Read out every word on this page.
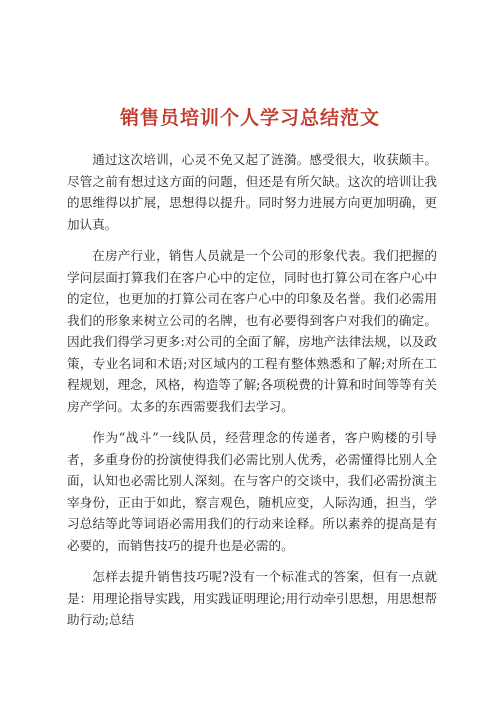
销售员培训个人学习总结范文

通过这次培训，心灵不免又起了涟漪。感受很大，收获颇丰。尽管之前有想过这方面的问题，但还是有所欠缺。这次的培训让我的思维得以扩展，思想得以提升。同时努力进展方向更加明确，更加认真。

在房产行业，销售人员就是一个公司的形象代表。我们把握的学问层面打算我们在客户心中的定位，同时也打算公司在客户心中的定位，也更加的打算公司在客户心中的印象及名誉。我们必需用我们的形象来树立公司的名牌，也有必要得到客户对我们的确定。因此我们得学习更多:对公司的全面了解，房地产法律法规，以及政策，专业名词和术语;对区域内的工程有整体熟悉和了解;对所在工程规划，理念，风格，构造等了解;各项税费的计算和时间等等有关房产学问。太多的东西需要我们去学习。

作为“战斗”一线队员，经营理念的传递者，客户购楼的引导者，多重身份的扮演使得我们必需比别人优秀，必需懂得比别人全面，认知也必需比别人深刻。在与客户的交谈中，我们必需扮演主宰身份，正由于如此，察言观色，随机应变，人际沟通，担当，学习总结等此等词语必需用我们的行动来诠释。所以素养的提高是有必要的，而销售技巧的提升也是必需的。

怎样去提升销售技巧呢?没有一个标准式的答案，但有一点就是：用理论指导实践，用实践证明理论;用行动牵引思想，用思想帮助行动;总结
